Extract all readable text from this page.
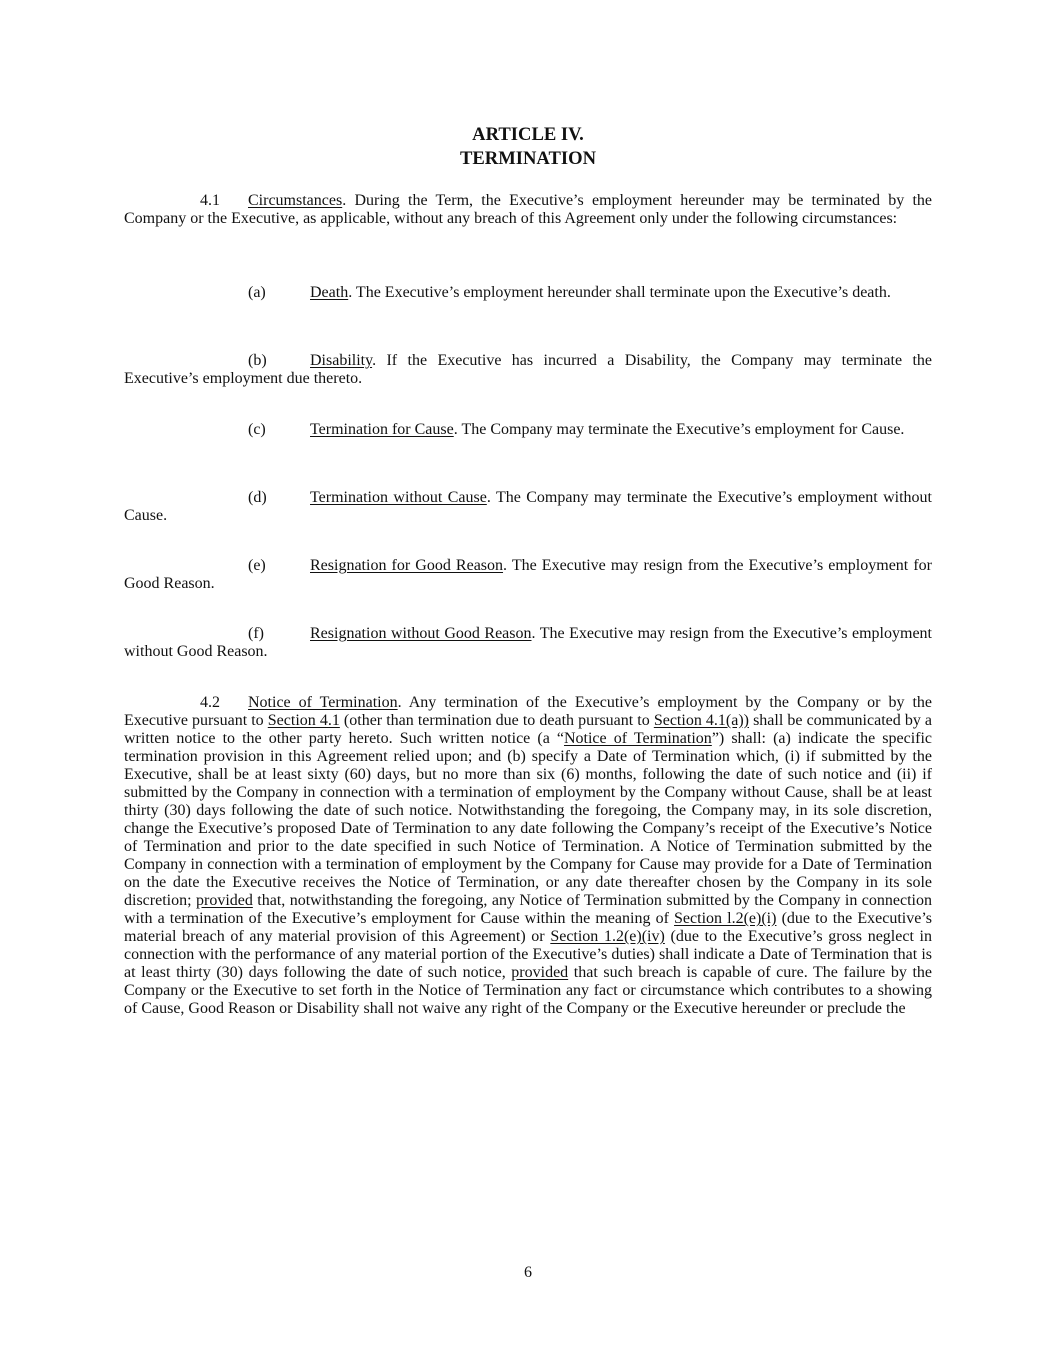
ARTICLE IV.
TERMINATION

4.1 Circumstances. During the Term, the Executive’s employment hereunder may be terminated by the Company or the Executive, as applicable, without any breach of this Agreement only under the following circumstances:

(a)	Death. The Executive’s employment hereunder shall terminate upon the Executive’s death.

(b)	Disability. If the Executive has incurred a Disability, the Company may terminate the Executive’s employment due thereto.

(c)	Termination for Cause. The Company may terminate the Executive’s employment for Cause.

(d)	Termination without Cause. The Company may terminate the Executive’s employment without Cause.

(e)	Resignation for Good Reason. The Executive may resign from the Executive’s employment for Good Reason.

(f)	Resignation without Good Reason. The Executive may resign from the Executive’s employment without Good Reason.

4.2 Notice of Termination. Any termination of the Executive’s employment by the Company or by the Executive pursuant to Section 4.1 (other than termination due to death pursuant to Section 4.1(a)) shall be communicated by a written notice to the other party hereto. Such written notice (a “Notice of Termination”) shall: (a) indicate the specific termination provision in this Agreement relied upon; and (b) specify a Date of Termination which, (i) if submitted by the Executive, shall be at least sixty (60) days, but no more than six (6) months, following the date of such notice and (ii) if submitted by the Company in connection with a termination of employment by the Company without Cause, shall be at least thirty (30) days following the date of such notice. Notwithstanding the foregoing, the Company may, in its sole discretion, change the Executive’s proposed Date of Termination to any date following the Company’s receipt of the Executive’s Notice of Termination and prior to the date specified in such Notice of Termination. A Notice of Termination submitted by the Company in connection with a termination of employment by the Company for Cause may provide for a Date of Termination on the date the Executive receives the Notice of Termination, or any date thereafter chosen by the Company in its sole discretion; provided that, notwithstanding the foregoing, any Notice of Termination submitted by the Company in connection with a termination of the Executive’s employment for Cause within the meaning of Section l.2(e)(i) (due to the Executive’s material breach of any material provision of this Agreement) or Section 1.2(e)(iv) (due to the Executive’s gross neglect in connection with the performance of any material portion of the Executive’s duties) shall indicate a Date of Termination that is at least thirty (30) days following the date of such notice, provided that such breach is capable of cure. The failure by the Company or the Executive to set forth in the Notice of Termination any fact or circumstance which contributes to a showing of Cause, Good Reason or Disability shall not waive any right of the Company or the Executive hereunder or preclude the

6
